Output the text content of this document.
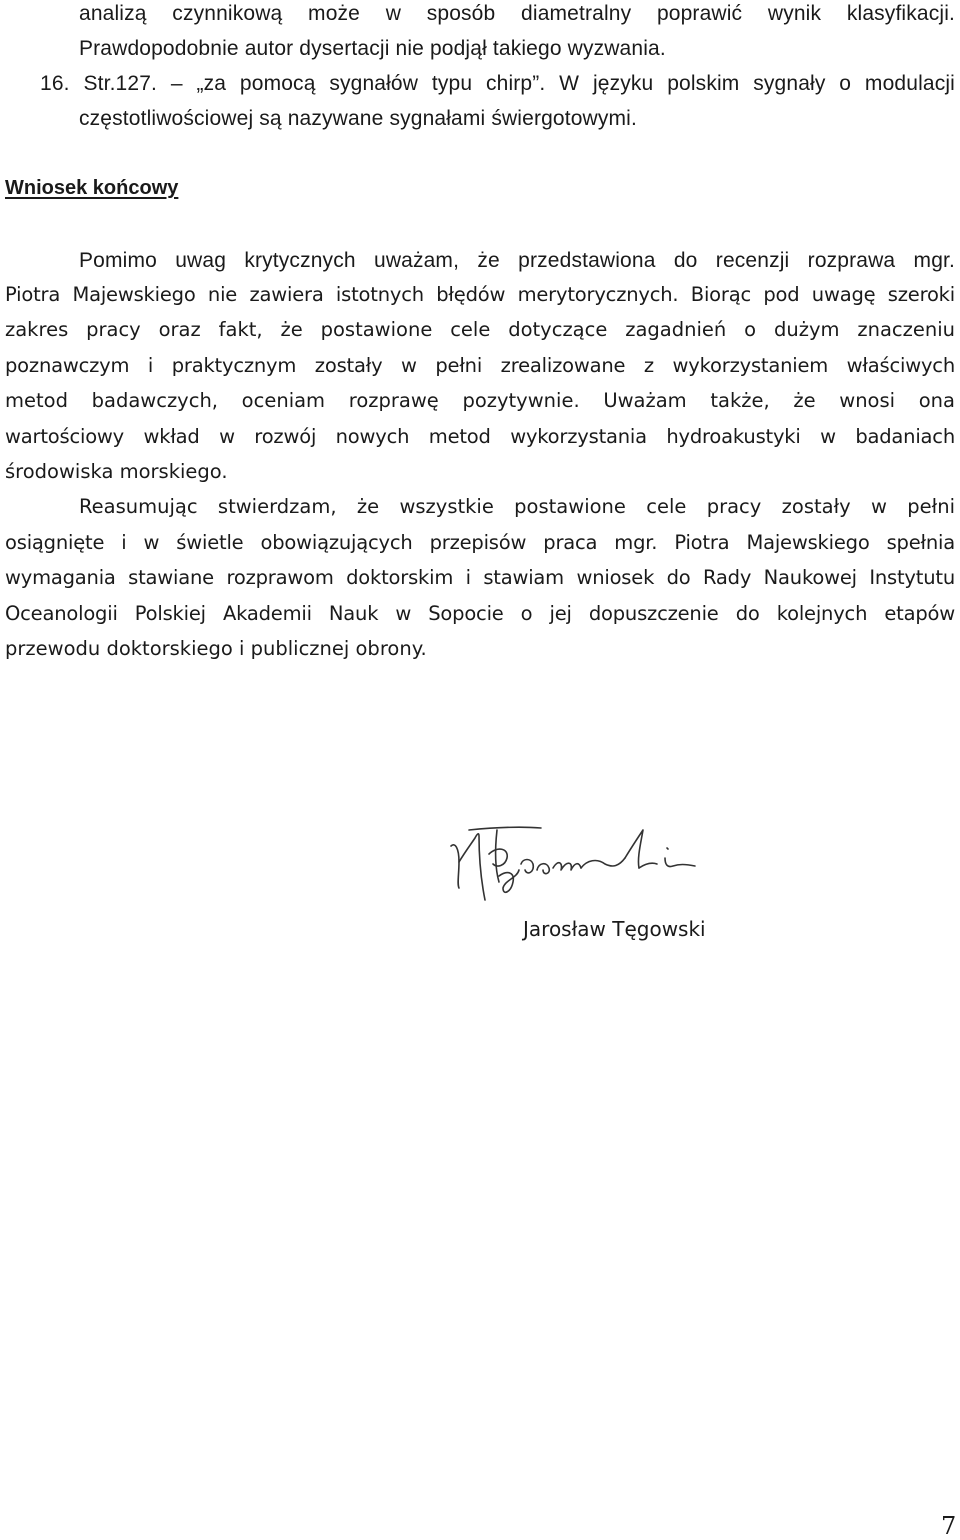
analizą czynnikową może w sposób diametralny poprawić wynik klasyfikacji.

Prawdopodobnie autor dysertacji nie podjął takiego wyzwania.

16. Str.127. – „za pomocą sygnałów typu chirp”. W języku polskim sygnały o modulacji

częstotliwościowej są nazywane sygnałami świergotowymi.

Wniosek końcowy

Pomimo uwag krytycznych uważam, że przedstawiona do recenzji rozprawa mgr.

Piotra Majewskiego nie zawiera istotnych błędów merytorycznych. Biorąc pod uwagę szeroki

zakres pracy oraz fakt, że postawione cele dotyczące zagadnień o dużym znaczeniu

poznawczym i praktycznym zostały w pełni zrealizowane z wykorzystaniem właściwych

metod badawczych, oceniam rozprawę pozytywnie. Uważam także, że wnosi ona

wartościowy wkład w rozwój nowych metod wykorzystania hydroakustyki w badaniach

środowiska morskiego.

Reasumując stwierdzam, że wszystkie postawione cele pracy zostały w pełni

osiągnięte i w świetle obowiązujących przepisów praca mgr. Piotra Majewskiego spełnia

wymagania stawiane rozprawom doktorskim i stawiam wniosek do Rady Naukowej Instytutu

Oceanologii Polskiej Akademii Nauk w Sopocie o jej dopuszczenie do kolejnych etapów

przewodu doktorskiego i publicznej obrony.

Jarosław Tęgowski

7
